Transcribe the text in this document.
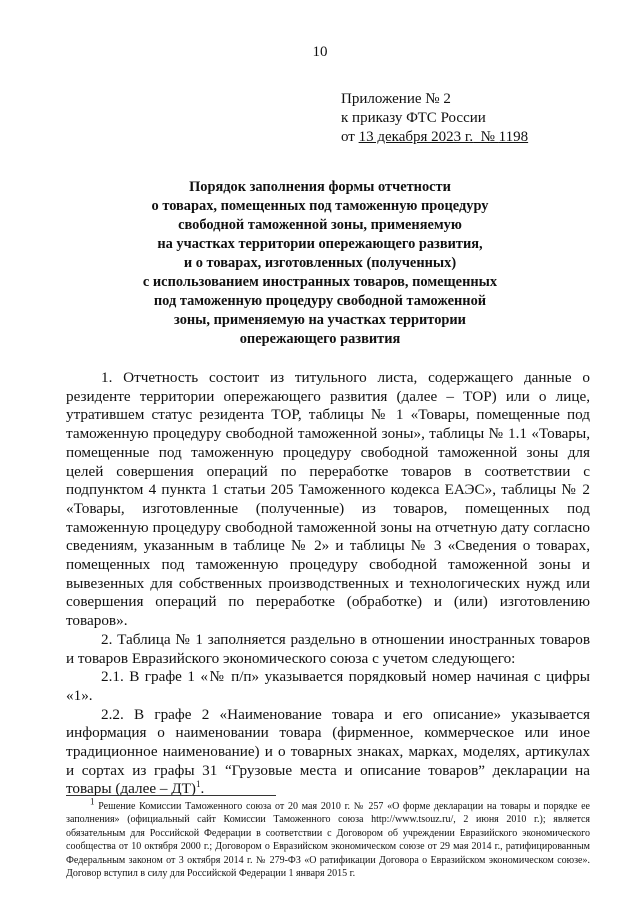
10
Приложение № 2
к приказу ФТС России
от 13 декабря 2023 г.  № 1198
Порядок заполнения формы отчетности
о товарах, помещенных под таможенную процедуру
свободной таможенной зоны, применяемую
на участках территории опережающего развития,
и о товарах, изготовленных (полученных)
с использованием иностранных товаров, помещенных
под таможенную процедуру свободной таможенной
зоны, применяемую на участках территории
опережающего развития

1. Отчетность состоит из титульного листа, содержащего данные о резиденте территории опережающего развития (далее – ТОР) или о лице, утратившем статус резидента ТОР, таблицы № 1 «Товары, помещенные под таможенную процедуру свободной таможенной зоны», таблицы № 1.1 «Товары, помещенные под таможенную процедуру свободной таможенной зоны для целей совершения операций по переработке товаров в соответствии с подпунктом 4 пункта 1 статьи 205 Таможенного кодекса ЕАЭС», таблицы № 2 «Товары, изготовленные (полученные) из товаров, помещенных под таможенную процедуру свободной таможенной зоны на отчетную дату согласно сведениям, указанным в таблице № 2» и таблицы № 3 «Сведения о товарах, помещенных под таможенную процедуру свободной таможенной зоны и вывезенных для собственных производственных и технологических нужд или совершения операций по переработке (обработке) и (или) изготовлению товаров».

2. Таблица № 1 заполняется раздельно в отношении иностранных товаров и товаров Евразийского экономического союза с учетом следующего:

2.1. В графе 1 «№ п/п» указывается порядковый номер начиная с цифры «1».

2.2. В графе 2 «Наименование товара и его описание» указывается информация о наименовании товара (фирменное, коммерческое или иное традиционное наименование) и о товарных знаках, марках, моделях, артикулах и сортах из графы 31 “Грузовые места и описание товаров” декларации на товары (далее – ДТ)$^1$.

$^1$ Решение Комиссии Таможенного союза от 20 мая 2010 г. № 257 «О форме декларации на товары и порядке ее заполнения» (официальный сайт Комиссии Таможенного союза http://www.tsouz.ru/, 2 июня 2010 г.); является обязательным для Российской Федерации в соответствии с Договором об учреждении Евразийского экономического сообщества от 10 октября 2000 г.; Договором о Евразийском экономическом союзе от 29 мая 2014 г., ратифицированным Федеральным законом от 3 октября 2014 г. № 279-ФЗ «О ратификации Договора о Евразийском экономическом союзе». Договор вступил в силу для Российской Федерации 1 января 2015 г.
